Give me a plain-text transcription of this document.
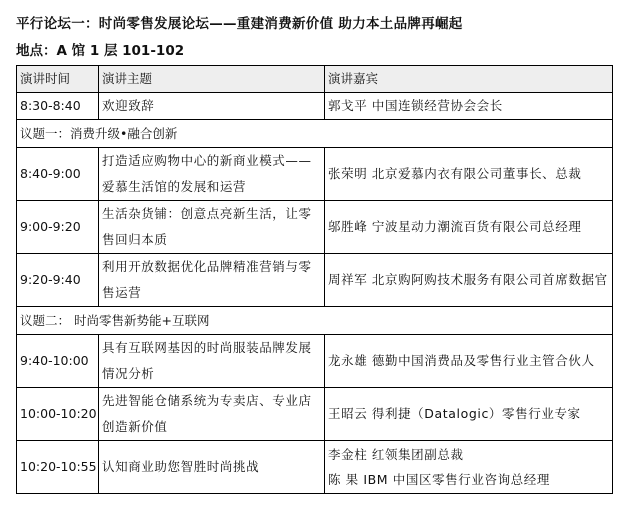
平行论坛一：时尚零售发展论坛——重建消费新价值 助力本土品牌再崛起
地点：A 馆 1 层 101-102
演讲时间	演讲主题	演讲嘉宾
8:30-8:40	欢迎致辞	郭戈平 中国连锁经营协会会长
议题一：消费升级•融合创新		
8:40-9:00	打造适应购物中心的新商业模式——爱慕生活馆的发展和运营	张荣明 北京爱慕内衣有限公司董事长、总裁
9:00-9:20	生活杂货铺：创意点亮新生活，让零售回归本质	邬胜峰 宁波星动力潮流百货有限公司总经理
9:20-9:40	利用开放数据优化品牌精准营销与零售运营	周祥军 北京购阿购技术服务有限公司首席数据官
议题二： 时尚零售新势能+互联网		
9:40-10:00	具有互联网基因的时尚服装品牌发展情况分析	龙永雄 德勤中国消费品及零售行业主管合伙人
10:00-10:20	先进智能仓储系统为专卖店、专业店创造新价值	王昭云 得利捷（Datalogic）零售行业专家
10:20-10:55	认知商业助您智胜时尚挑战	李金柱 红领集团副总裁
陈 果 IBM 中国区零售行业咨询总经理
